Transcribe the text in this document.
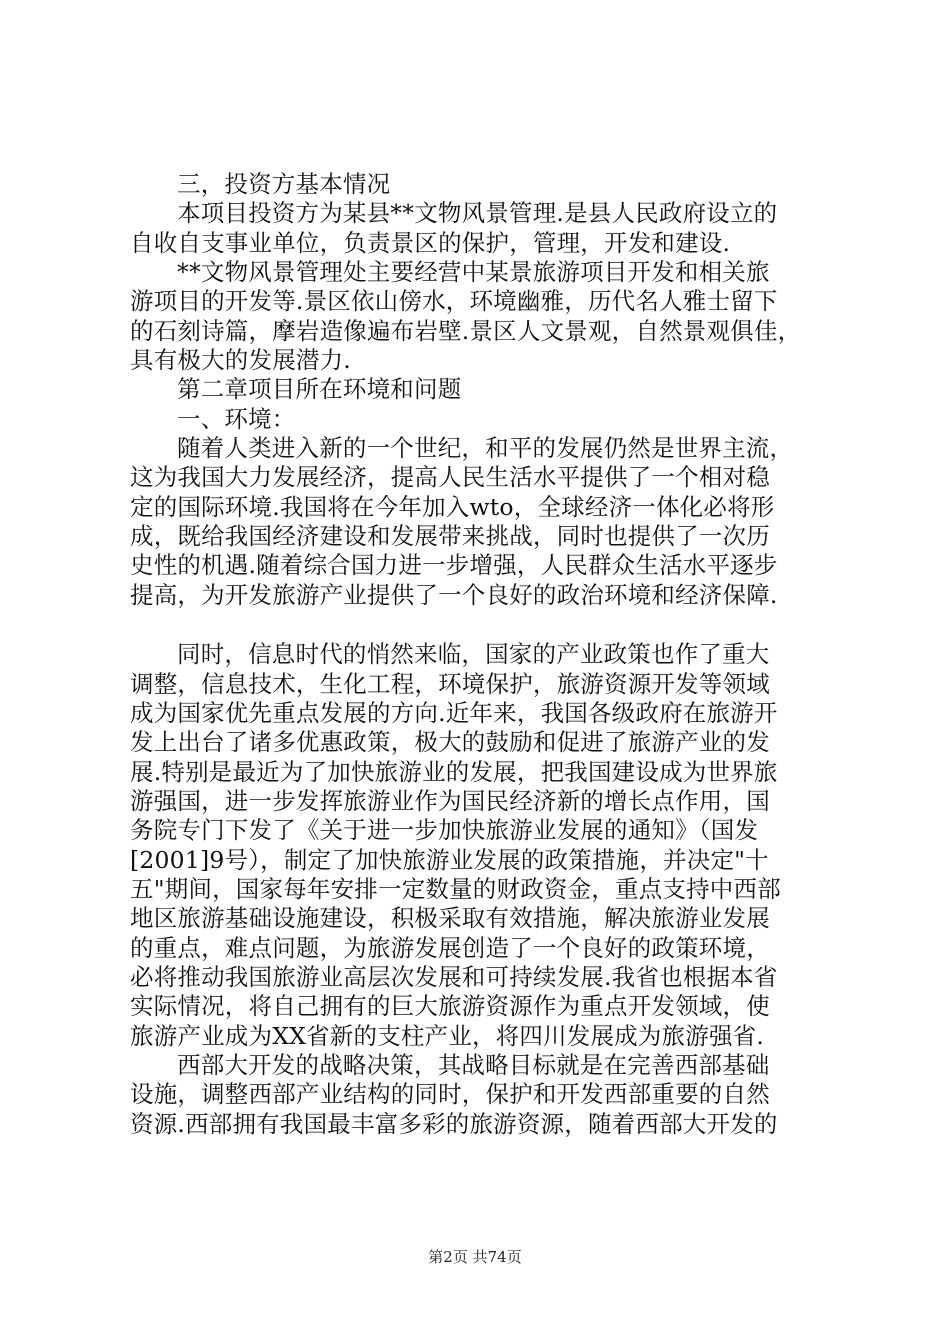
三，投资方基本情况
本项目投资方为某县**文物风景管理.是县人民政府设立的
自收自支事业单位，负责景区的保护，管理，开发和建设.
**文物风景管理处主要经营中某景旅游项目开发和相关旅
游项目的开发等.景区依山傍水，环境幽雅，历代名人雅士留下
的石刻诗篇，摩岩造像遍布岩壁.景区人文景观，自然景观俱佳，
具有极大的发展潜力.
第二章项目所在环境和问题
一、环境：
随着人类进入新的一个世纪，和平的发展仍然是世界主流，
这为我国大力发展经济，提高人民生活水平提供了一个相对稳
定的国际环境.我国将在今年加入wto，全球经济一体化必将形
成，既给我国经济建设和发展带来挑战，同时也提供了一次历
史性的机遇.随着综合国力进一步增强，人民群众生活水平逐步
提高，为开发旅游产业提供了一个良好的政治环境和经济保障.
同时，信息时代的悄然来临，国家的产业政策也作了重大
调整，信息技术，生化工程，环境保护，旅游资源开发等领域
成为国家优先重点发展的方向.近年来，我国各级政府在旅游开
发上出台了诸多优惠政策，极大的鼓励和促进了旅游产业的发
展.特别是最近为了加快旅游业的发展，把我国建设成为世界旅
游强国，进一步发挥旅游业作为国民经济新的增长点作用，国
务院专门下发了《关于进一步加快旅游业发展的通知》（国发
[2001]9号），制定了加快旅游业发展的政策措施，并决定"十
五"期间，国家每年安排一定数量的财政资金，重点支持中西部
地区旅游基础设施建设，积极采取有效措施，解决旅游业发展
的重点，难点问题，为旅游发展创造了一个良好的政策环境，
必将推动我国旅游业高层次发展和可持续发展.我省也根据本省
实际情况，将自己拥有的巨大旅游资源作为重点开发领域，使
旅游产业成为XX省新的支柱产业，将四川发展成为旅游强省.
西部大开发的战略决策，其战略目标就是在完善西部基础
设施，调整西部产业结构的同时，保护和开发西部重要的自然
资源.西部拥有我国最丰富多彩的旅游资源，随着西部大开发的
第2页 共74页
